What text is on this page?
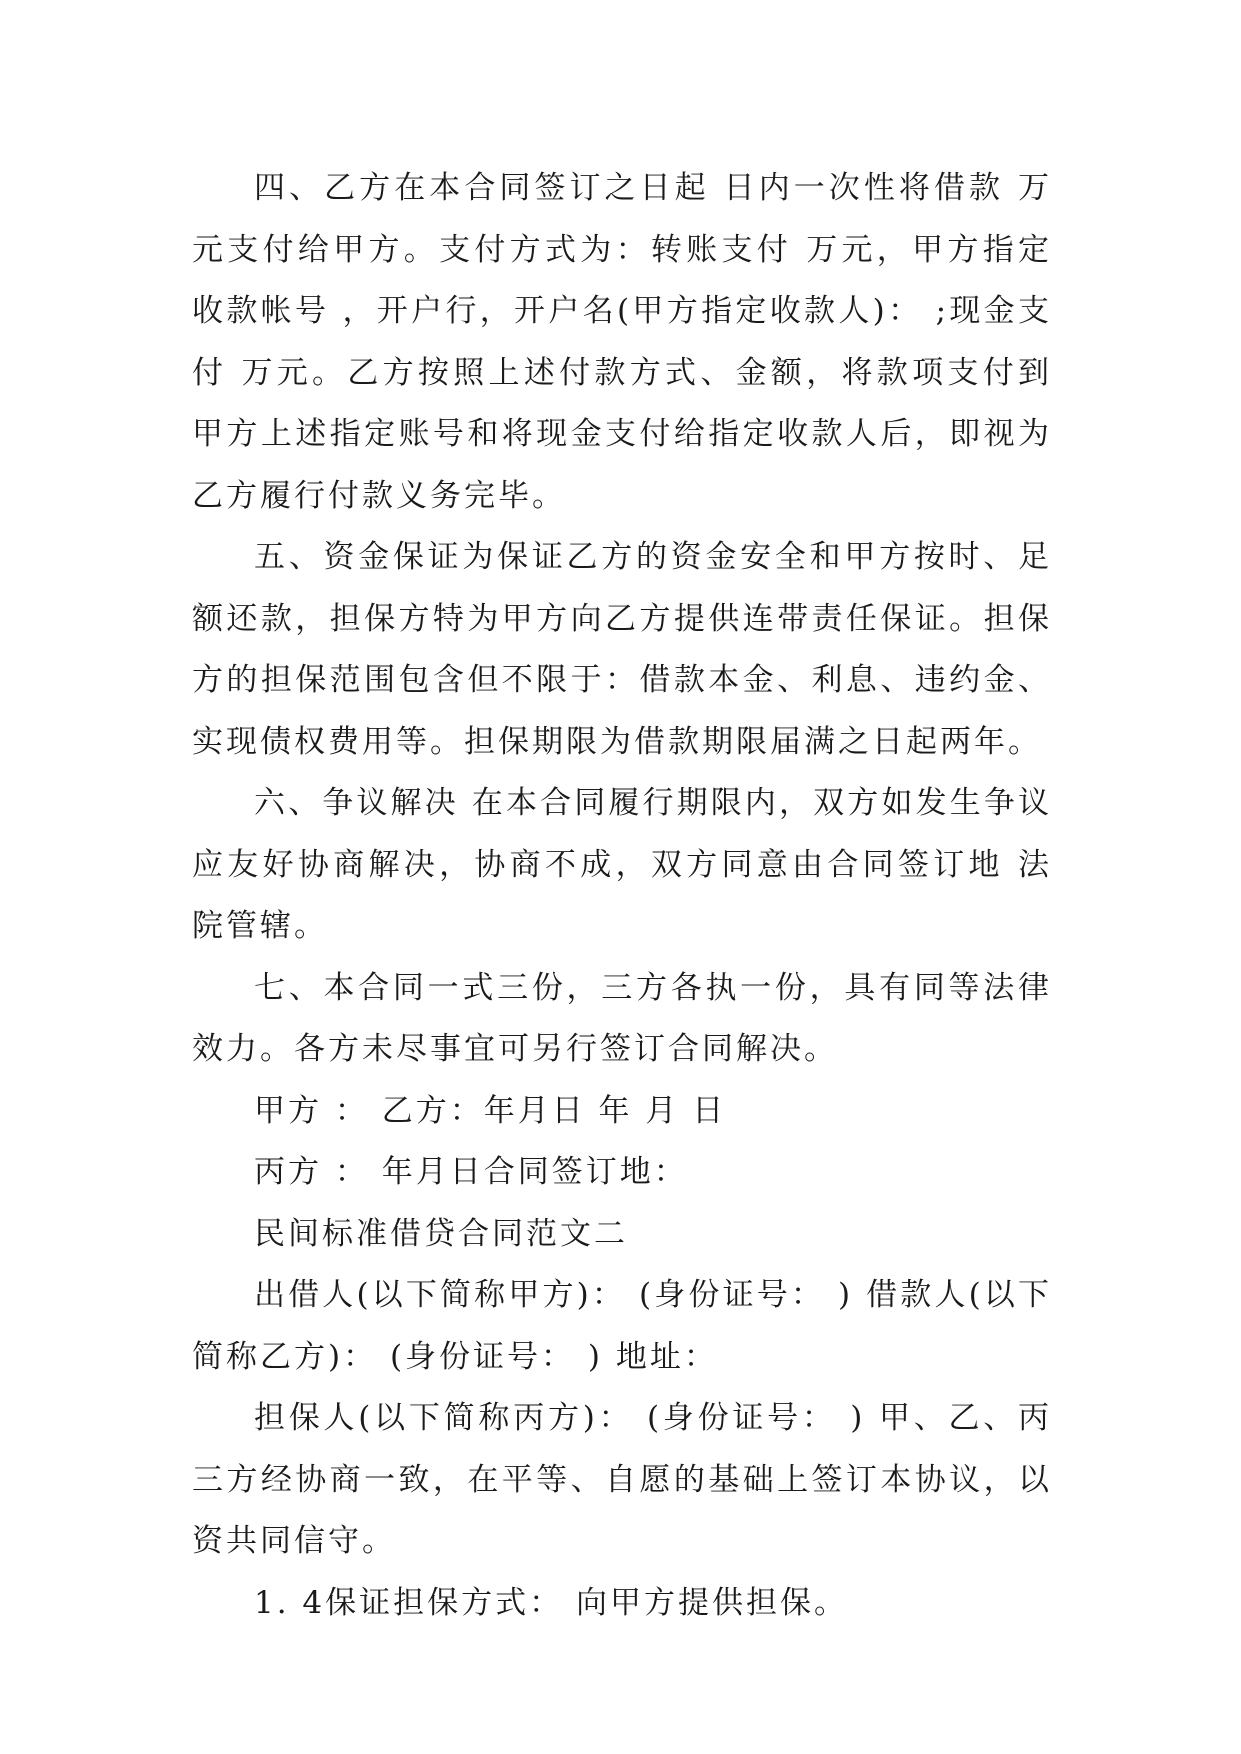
四、乙方在本合同签订之日起 日内一次性将借款 万元支付给甲方。支付方式为：转账支付 万元，甲方指定收款帐号 ，开户行，开户名(甲方指定收款人)： ;现金支付 万元。乙方按照上述付款方式、金额，将款项支付到甲方上述指定账号和将现金支付给指定收款人后，即视为乙方履行付款义务完毕。

五、资金保证为保证乙方的资金安全和甲方按时、足额还款，担保方特为甲方向乙方提供连带责任保证。担保方的担保范围包含但不限于：借款本金、利息、违约金、实现债权费用等。担保期限为借款期限届满之日起两年。

六、争议解决 在本合同履行期限内，双方如发生争议应友好协商解决，协商不成，双方同意由合同签订地 法院管辖。

七、本合同一式三份，三方各执一份，具有同等法律效力。各方未尽事宜可另行签订合同解决。

甲方 ： 乙方：年月日 年 月 日

丙方 ： 年月日合同签订地：

民间标准借贷合同范文二

出借人(以下简称甲方)： (身份证号： ) 借款人(以下简称乙方)： (身份证号： ) 地址：

担保人(以下简称丙方)： (身份证号： ) 甲、乙、丙三方经协商一致，在平等、自愿的基础上签订本协议，以资共同信守。

1. 4保证担保方式： 向甲方提供担保。
